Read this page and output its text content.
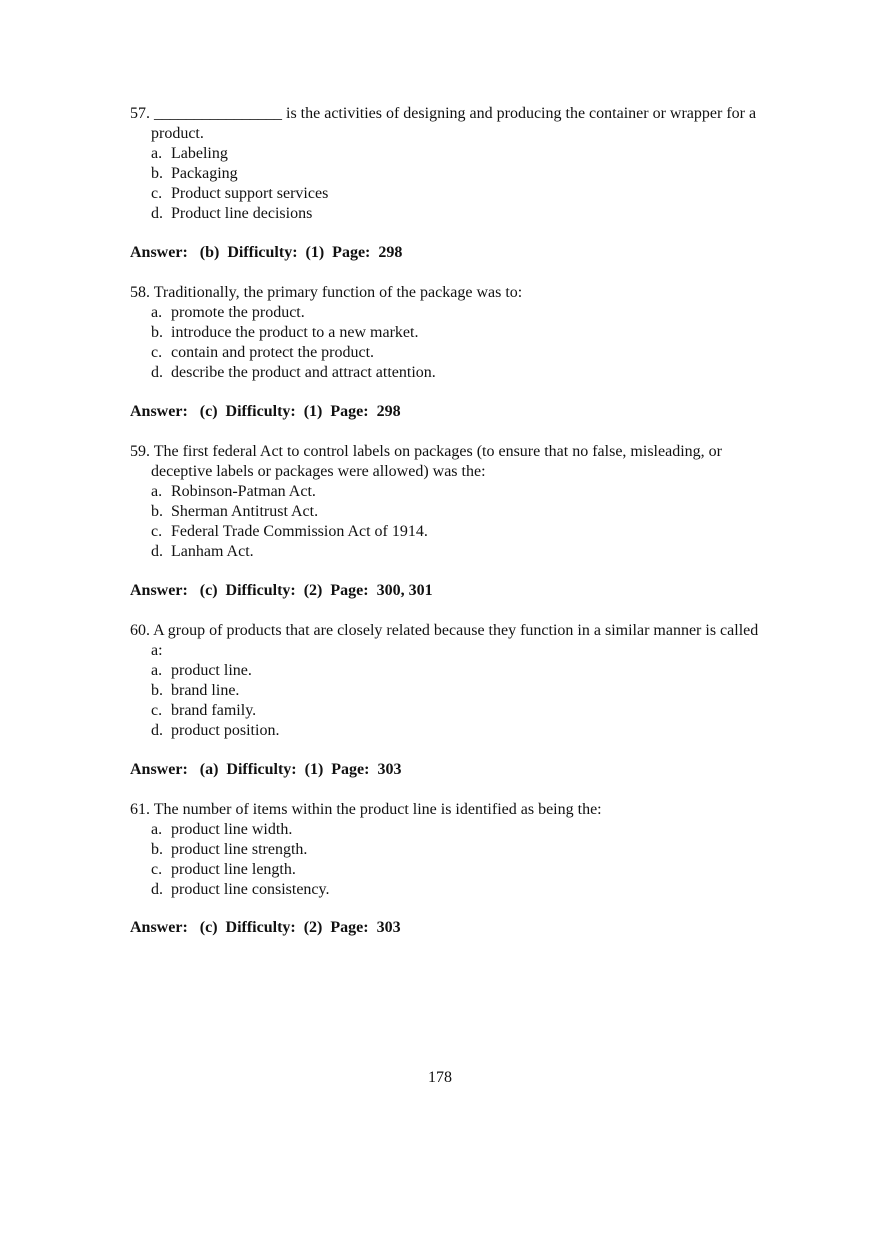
57. ________________ is the activities of designing and producing the container or wrapper for a product.

a. Labeling
b. Packaging
c. Product support services
d. Product line decisions
Answer:   (b)  Difficulty:  (1)  Page:  298

58. Traditionally, the primary function of the package was to:

a. promote the product.
b. introduce the product to a new market.
c. contain and protect the product.
d. describe the product and attract attention.
Answer:   (c)  Difficulty:  (1)  Page:  298

59. The first federal Act to control labels on packages (to ensure that no false, misleading, or deceptive labels or packages were allowed) was the:

a. Robinson-Patman Act.
b. Sherman Antitrust Act.
c. Federal Trade Commission Act of 1914.
d. Lanham Act.
Answer:   (c)  Difficulty:  (2)  Page:  300, 301

60. A group of products that are closely related because they function in a similar manner is called a:

a. product line.
b. brand line.
c. brand family.
d. product position.
Answer:   (a)  Difficulty:  (1)  Page:  303

61. The number of items within the product line is identified as being the:

a. product line width.
b. product line strength.
c. product line length.
d. product line consistency.
Answer:   (c)  Difficulty:  (2)  Page:  303
178
